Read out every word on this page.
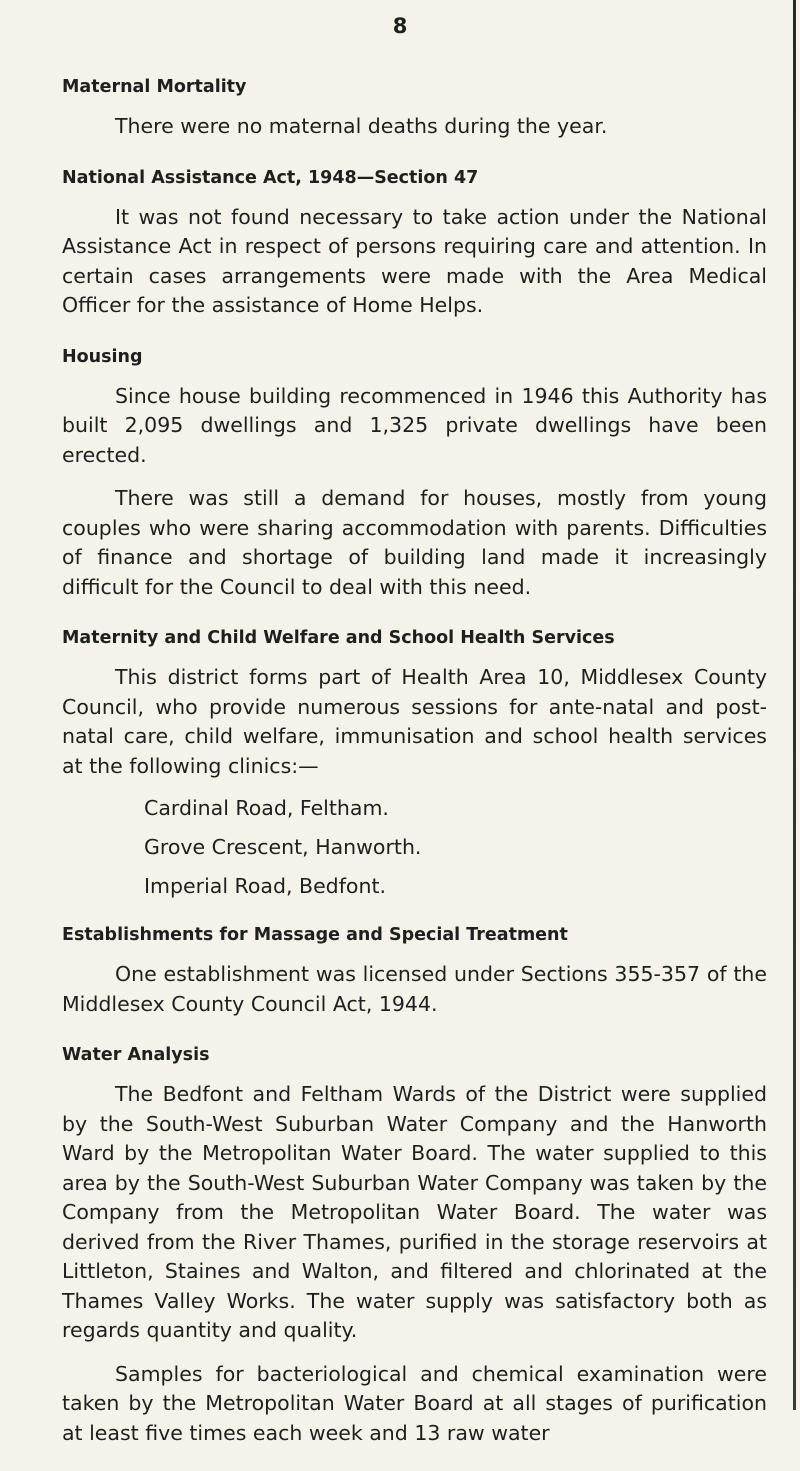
8
Maternal Mortality

There were no maternal deaths during the year.

National Assistance Act, 1948—Section 47

It was not found necessary to take action under the National Assistance Act in respect of persons requiring care and attention. In certain cases arrangements were made with the Area Medical Officer for the assistance of Home Helps.

Housing

Since house building recommenced in 1946 this Authority has built 2,095 dwellings and 1,325 private dwellings have been erected.

There was still a demand for houses, mostly from young couples who were sharing accommodation with parents. Difficulties of finance and shortage of building land made it increasingly difficult for the Council to deal with this need.

Maternity and Child Welfare and School Health Services

This district forms part of Health Area 10, Middlesex County Council, who provide numerous sessions for ante-natal and post-natal care, child welfare, immunisation and school health services at the following clinics:—

Cardinal Road, Feltham.
Grove Crescent, Hanworth.
Imperial Road, Bedfont.
Establishments for Massage and Special Treatment

One establishment was licensed under Sections 355-357 of the Middlesex County Council Act, 1944.

Water Analysis

The Bedfont and Feltham Wards of the District were supplied by the South-West Suburban Water Company and the Hanworth Ward by the Metropolitan Water Board. The water supplied to this area by the South-West Suburban Water Company was taken by the Company from the Metropolitan Water Board. The water was derived from the River Thames, purified in the storage reservoirs at Littleton, Staines and Walton, and filtered and chlorinated at the Thames Valley Works. The water supply was satisfactory both as regards quantity and quality.

Samples for bacteriological and chemical examination were taken by the Metropolitan Water Board at all stages of purification at least five times each week and 13 raw water
